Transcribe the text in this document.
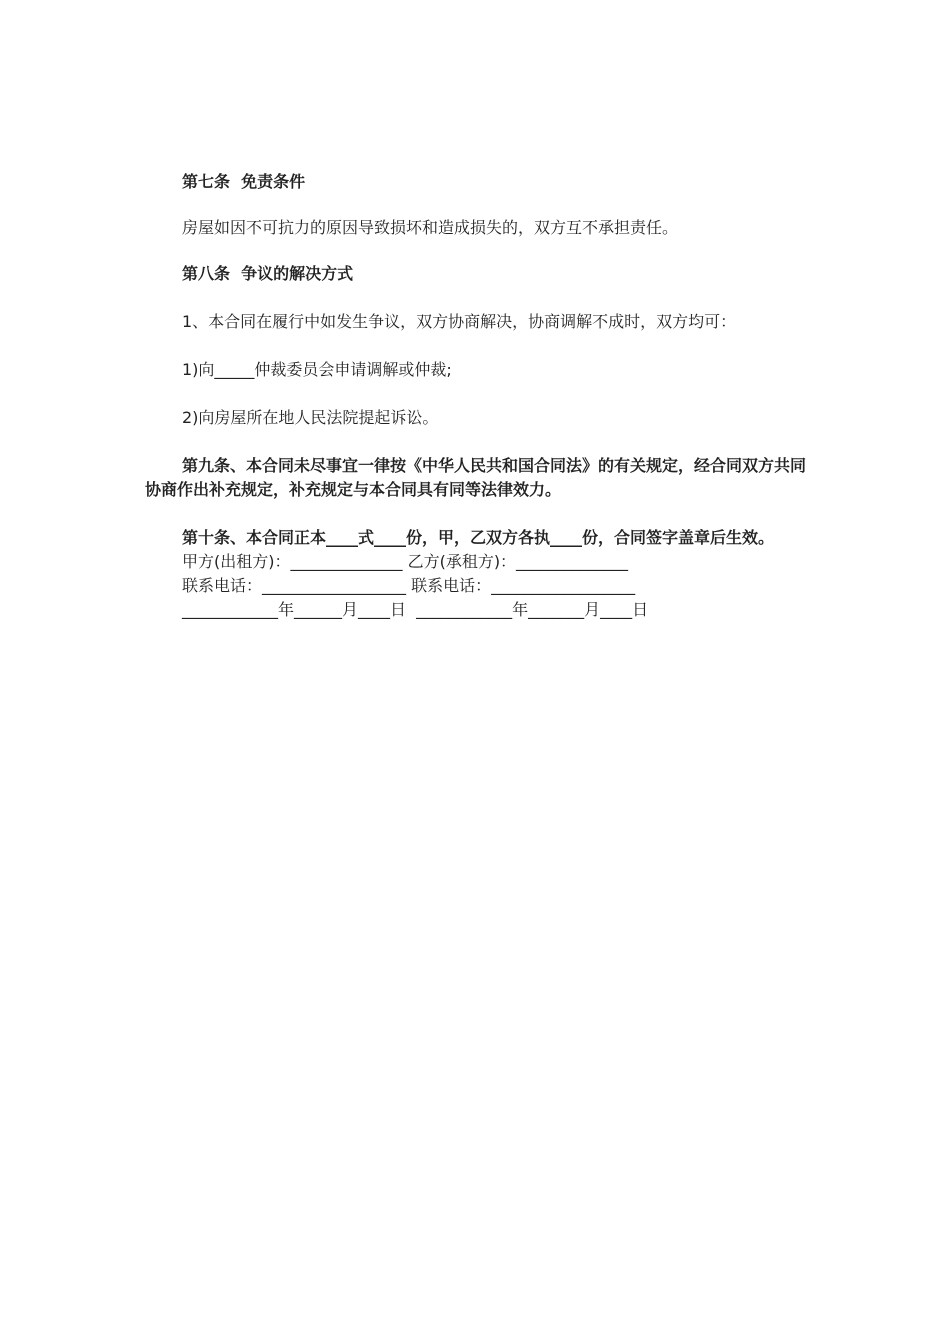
第七条  免责条件

房屋如因不可抗力的原因导致损坏和造成损失的，双方互不承担责任。

第八条  争议的解决方式

1、本合同在履行中如发生争议，双方协商解决，协商调解不成时，双方均可：

1)向_____仲裁委员会申请调解或仲裁;

2)向房屋所在地人民法院提起诉讼。

第九条、本合同未尽事宜一律按《中华人民共和国合同法》的有关规定，经合同双方共同协商作出补充规定，补充规定与本合同具有同等法律效力。

第十条、本合同正本____式____份，甲，乙双方各执____份，合同签字盖章后生效。

甲方(出租方)：______________ 乙方(承租方)：______________

联系电话：__________________ 联系电话：__________________

____________年______月____日  ____________年_______月____日
